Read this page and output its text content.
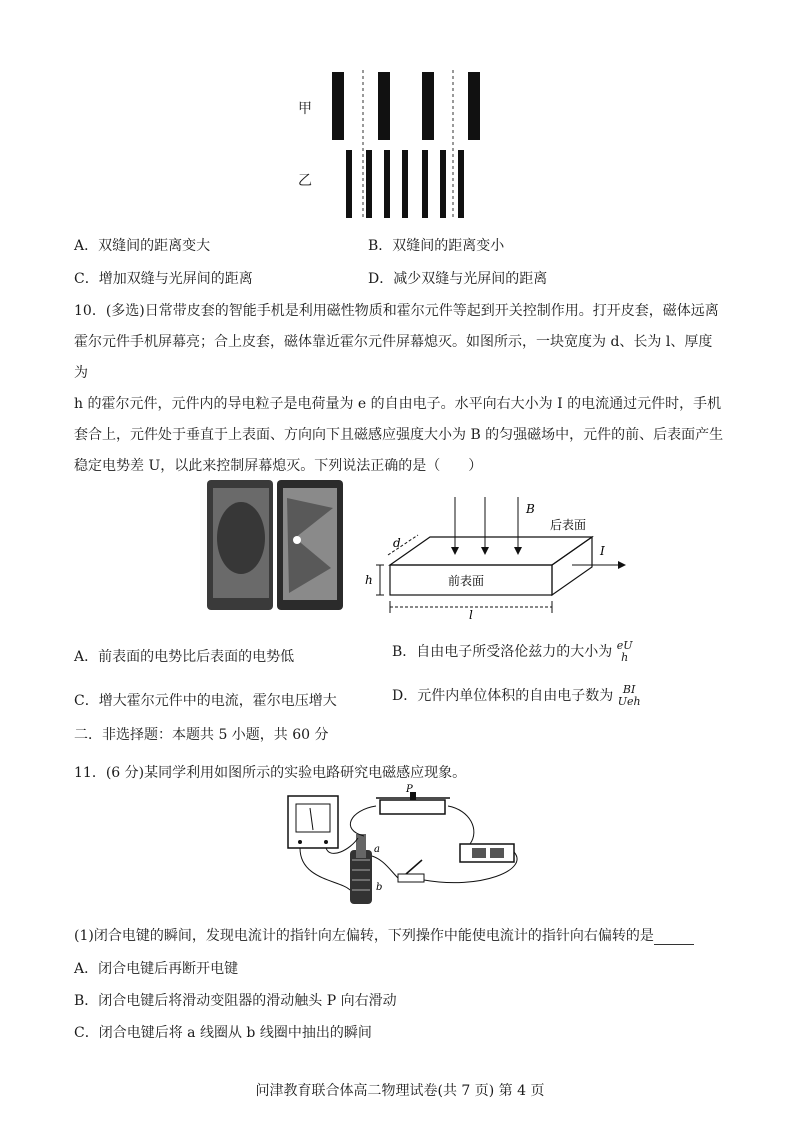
甲
乙
A．双缝间的距离变大	B．双缝间的距离变小
C．增加双缝与光屏间的距离	D．减少双缝与光屏间的距离
10．(多选)日常带皮套的智能手机是利用磁性物质和霍尔元件等起到开关控制作用。打开皮套，磁体远离
霍尔元件手机屏幕亮；合上皮套，磁体靠近霍尔元件屏幕熄灭。如图所示，一块宽度为 d、长为 l、厚度为
h 的霍尔元件，元件内的导电粒子是电荷量为 e 的自由电子。水平向右大小为 I 的电流通过元件时，手机
套合上，元件处于垂直于上表面、方向向下且磁感应强度大小为 B 的匀强磁场中，元件的前、后表面产生
稳定电势差 U，以此来控制屏幕熄灭。下列说法正确的是（　　）
B
后表面
前表面
d
h
l
I
A．前表面的电势比后表面的电势低	B．自由电子所受洛伦兹力的大小为 eU
h
C．增大霍尔元件中的电流，霍尔电压增大	D．元件内单位体积的自由电子数为 BI
Ueh
二．非选择题：本题共 5 小题，共 60 分
11．(6 分)某同学利用如图所示的实验电路研究电磁感应现象。
P
a
b
(1)闭合电键的瞬间，发现电流计的指针向左偏转，下列操作中能使电流计的指针向右偏转的是
A．闭合电键后再断开电键
B．闭合电键后将滑动变阻器的滑动触头 P 向右滑动
C．闭合电键后将 a 线圈从 b 线圈中抽出的瞬间
问津教育联合体高二物理试卷(共 7 页) 第 4 页
